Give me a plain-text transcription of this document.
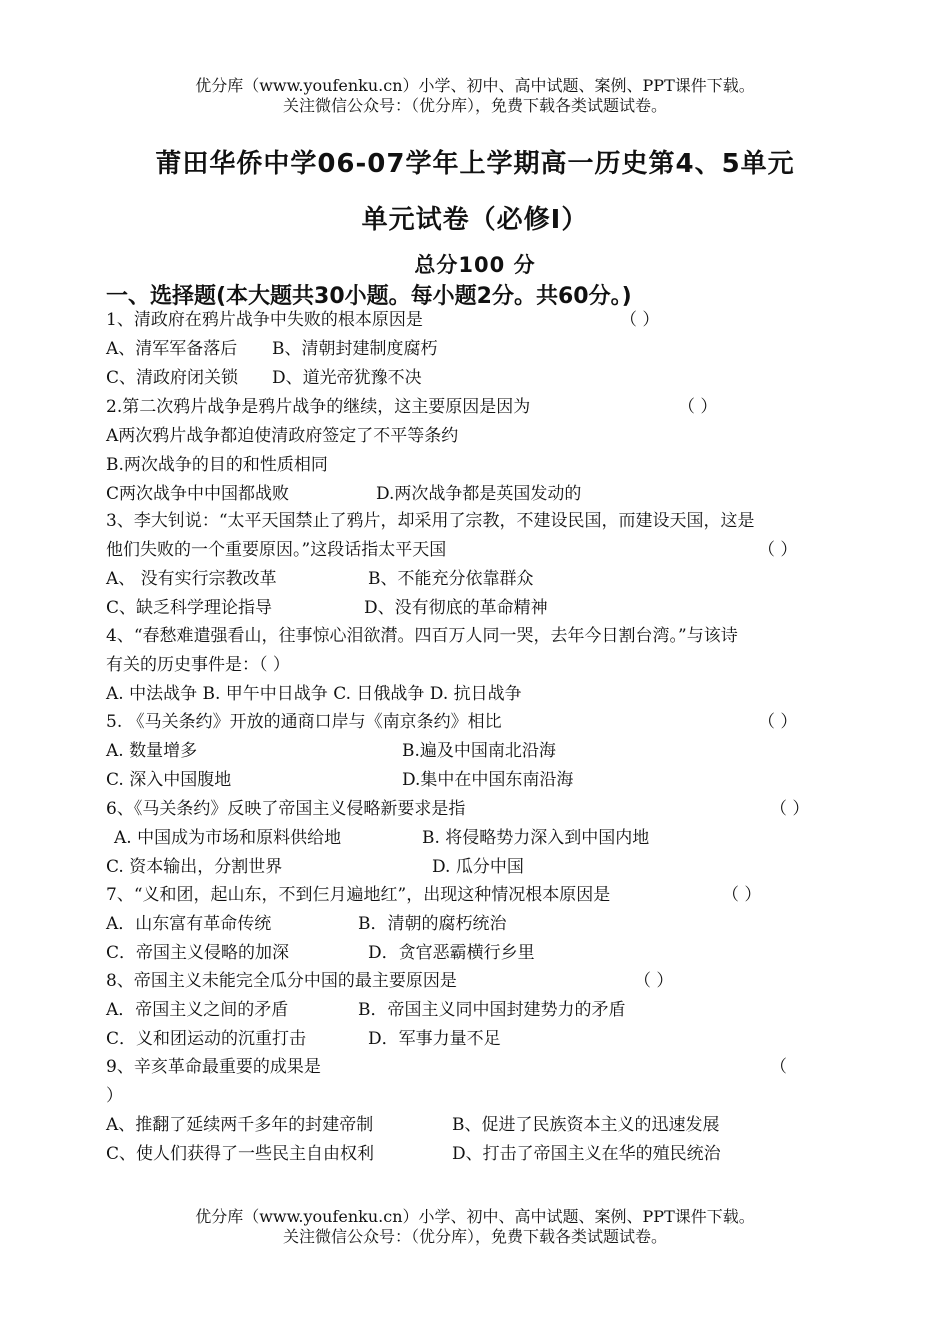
优分库（www.youfenku.cn）小学、初中、高中试题、案例、PPT课件下载。
关注微信公众号：（优分库），免费下载各类试题试卷。
莆田华侨中学06-07学年上学期高一历史第4、5单元
单元试卷（必修Ⅰ）
总分100 分
一、选择题(本大题共30小题。每小题2分。共60分。)
1、清政府在鸦片战争中失败的根本原因是	（ ）
A、清军军备落后 B、清朝封建制度腐朽
C、清政府闭关锁 D、道光帝犹豫不决
2.第二次鸦片战争是鸦片战争的继续，这主要原因是因为	（ ）
A两次鸦片战争都迫使清政府签定了不平等条约
B.两次战争的目的和性质相同
C两次战争中中国都战败	D.两次战争都是英国发动的
3、李大钊说：“太平天国禁止了鸦片，却采用了宗教，不建设民国，而建设天国，这是
他们失败的一个重要原因。”这段话指太平天国	（ ）
A、 没有实行宗教改革	B、不能充分依靠群众
C、缺乏科学理论指导	D、没有彻底的革命精神
4、“春愁难遣强看山，往事惊心泪欲潸。四百万人同一哭，去年今日割台湾。”与该诗
有关的历史事件是：（ ）
A. 中法战争 B. 甲午中日战争 C. 日俄战争 D. 抗日战争
5. 《马关条约》开放的通商口岸与《南京条约》相比	（ ）
A. 数量增多	B.遍及中国南北沿海
C. 深入中国腹地	D.集中在中国东南沿海
6、《马关条约》反映了帝国主义侵略新要求是指	（ ）
A. 中国成为市场和原料供给地	B. 将侵略势力深入到中国内地
C. 资本输出，分割世界	D. 瓜分中国
7、“义和团，起山东，不到仨月遍地红”，出现这种情况根本原因是	（ ）
A．山东富有革命传统	B．清朝的腐朽统治
C．帝国主义侵略的加深	D．贪官恶霸横行乡里
8、帝国主义未能完全瓜分中国的最主要原因是	（ ）
A．帝国主义之间的矛盾	B．帝国主义同中国封建势力的矛盾
C．义和团运动的沉重打击	D．军事力量不足
9、辛亥革命最重要的成果是	（
）
A、推翻了延续两千多年的封建帝制	B、促进了民族资本主义的迅速发展
C、使人们获得了一些民主自由权利	D、打击了帝国主义在华的殖民统治
优分库（www.youfenku.cn）小学、初中、高中试题、案例、PPT课件下载。
关注微信公众号：（优分库），免费下载各类试题试卷。
